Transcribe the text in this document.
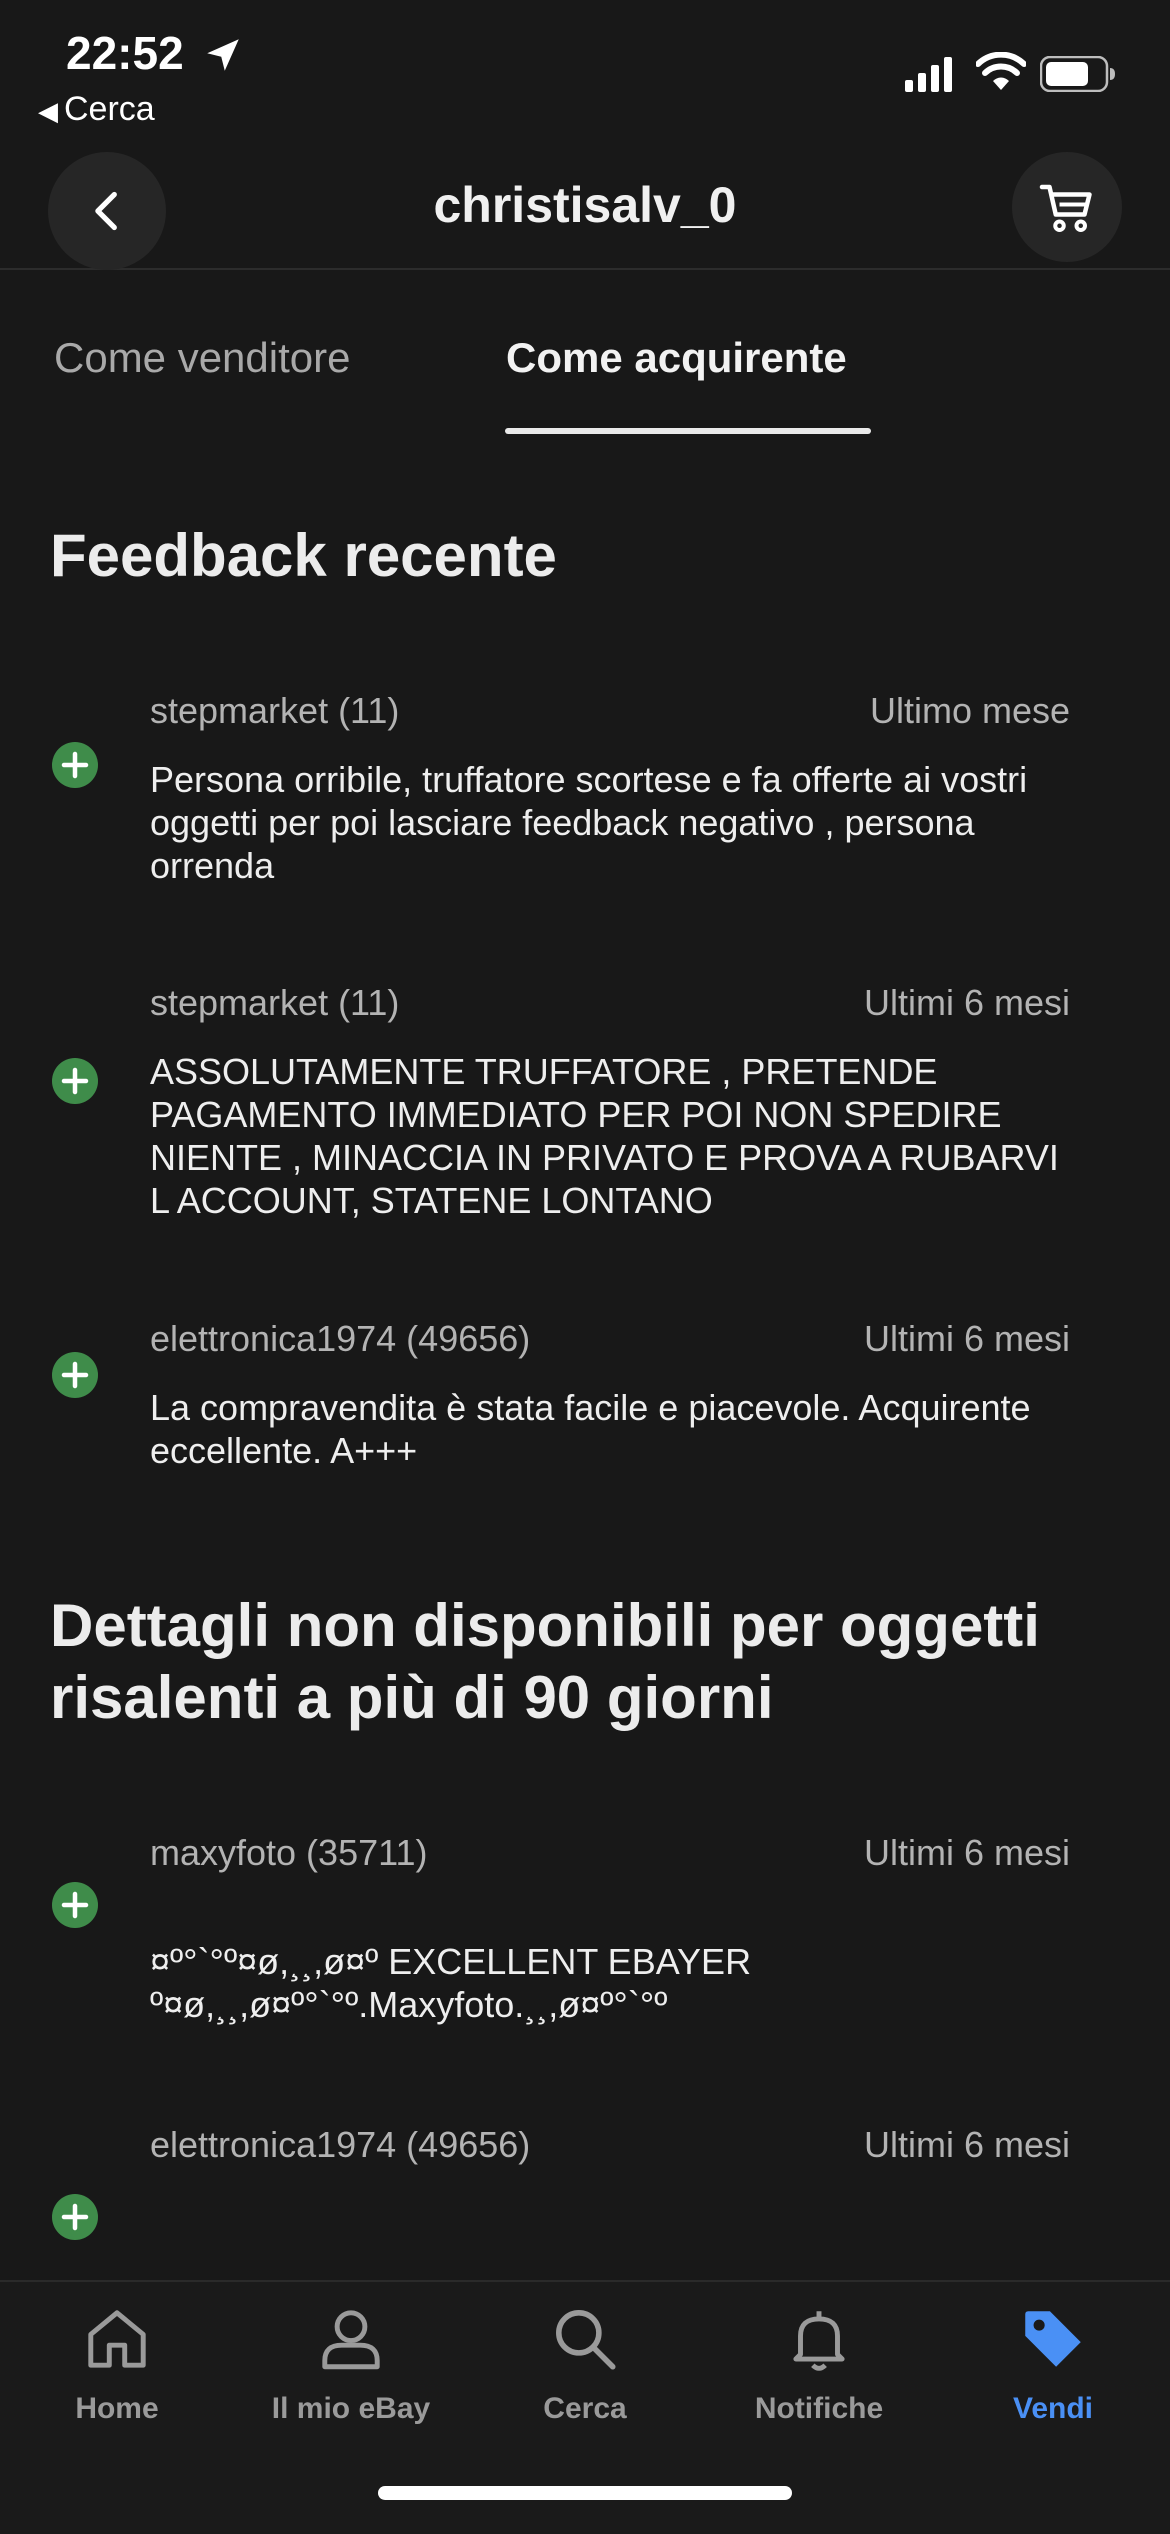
22:52
◀ Cerca
christisalv_0
Come venditore	Come acquirente
Feedback recente
stepmarket (11)	Ultimo mese
Persona orribile, truffatore scortese e fa offerte ai vostri oggetti per poi lasciare feedback negativo , persona orrenda
stepmarket (11)	Ultimi 6 mesi
ASSOLUTAMENTE TRUFFATORE , PRETENDE PAGAMENTO IMMEDIATO PER POI NON SPEDIRE NIENTE , MINACCIA IN PRIVATO E PROVA A RUBARVI L ACCOUNT, STATENE LONTANO
elettronica1974 (49656)	Ultimi 6 mesi
La compravendita è stata facile e piacevole. Acquirente eccellente. A+++
Dettagli non disponibili per oggetti risalenti a più di 90 giorni
maxyfoto (35711)	Ultimi 6 mesi
¤º°`°º¤ø,¸¸,ø¤º EXCELLENT EBAYER º¤ø,¸¸,ø¤º°`°º.Maxyfoto.¸¸,ø¤º°`°º
elettronica1974 (49656)	Ultimi 6 mesi
Home	Il mio eBay	Cerca	Notifiche	Vendi
